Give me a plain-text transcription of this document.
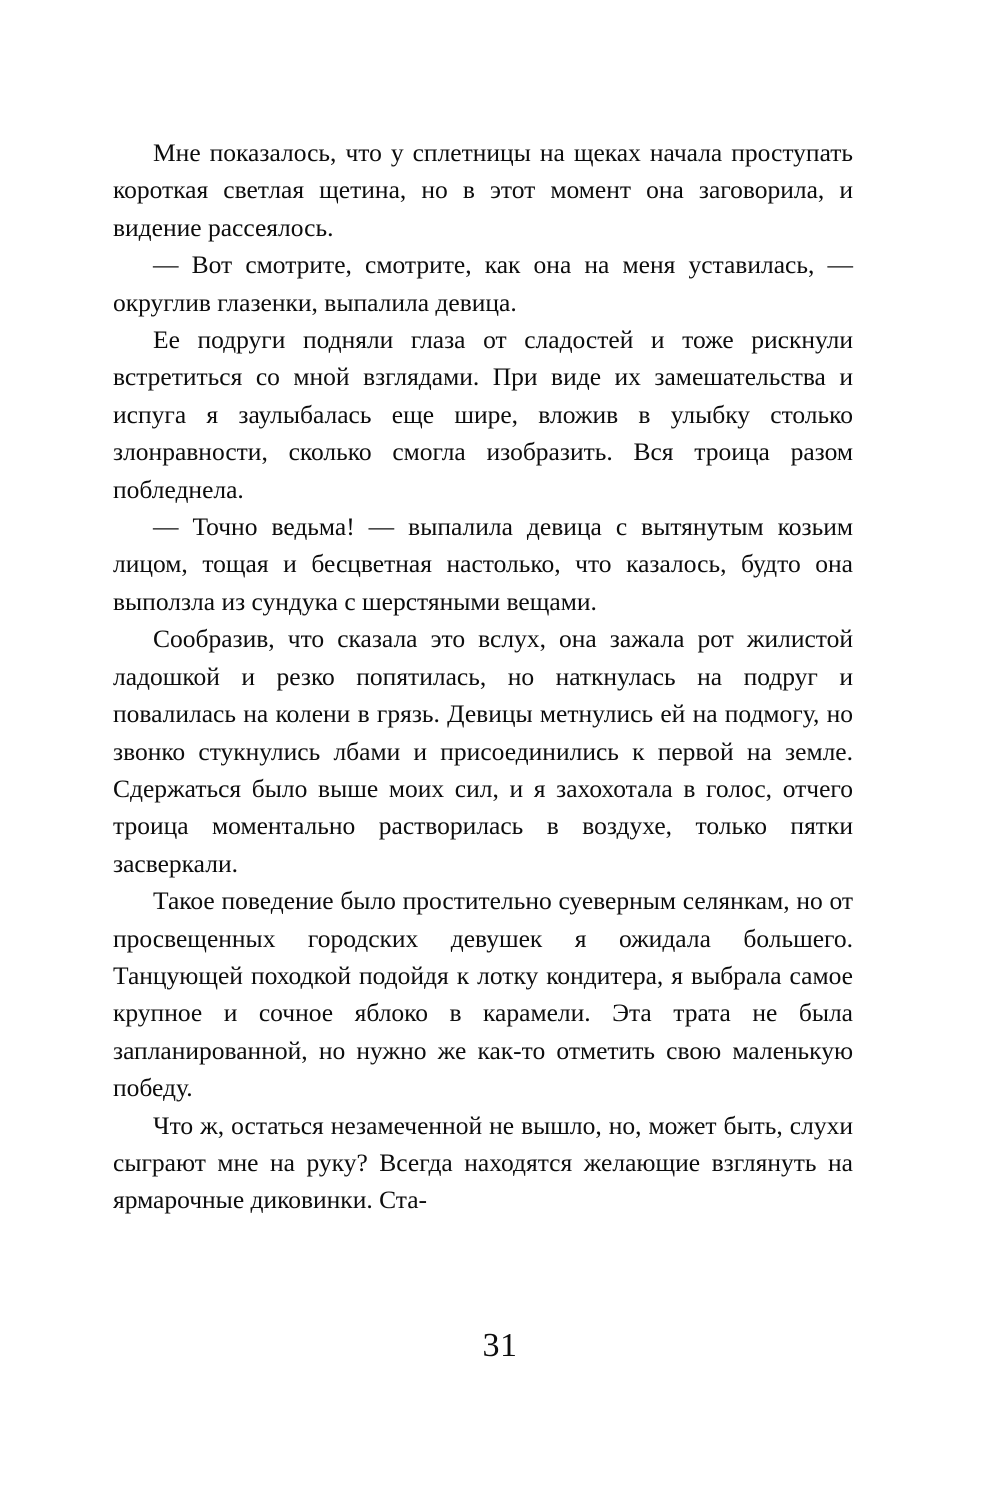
Мне показалось, что у сплетницы на щеках начала проступать короткая светлая щетина, но в этот момент она заговорила, и видение рассеялось.

— Вот смотрите, смотрите, как она на меня уставилась, — округлив глазенки, выпалила девица.

Ее подруги подняли глаза от сладостей и тоже рискнули встретиться со мной взглядами. При виде их замешательства и испуга я заулыбалась еще шире, вложив в улыбку столько злонравности, сколько смогла изобразить. Вся троица разом побледнела.

— Точно ведьма! — выпалила девица с вытянутым козьим лицом, тощая и бесцветная настолько, что казалось, будто она выползла из сундука с шерстяными вещами.

Сообразив, что сказала это вслух, она зажала рот жилистой ладошкой и резко попятилась, но наткнулась на подруг и повалилась на колени в грязь. Девицы метнулись ей на подмогу, но звонко стукнулись лбами и присоединились к первой на земле. Сдержаться было выше моих сил, и я захохотала в голос, отчего троица моментально растворилась в воздухе, только пятки засверкали.

Такое поведение было простительно суеверным селянкам, но от просвещенных городских девушек я ожидала большего. Танцующей походкой подойдя к лотку кондитера, я выбрала самое крупное и сочное яблоко в карамели. Эта трата не была запланированной, но нужно же как-то отметить свою маленькую победу.

Что ж, остаться незамеченной не вышло, но, может быть, слухи сыграют мне на руку? Всегда находятся желающие взглянуть на ярмарочные диковинки. Ста-

31
